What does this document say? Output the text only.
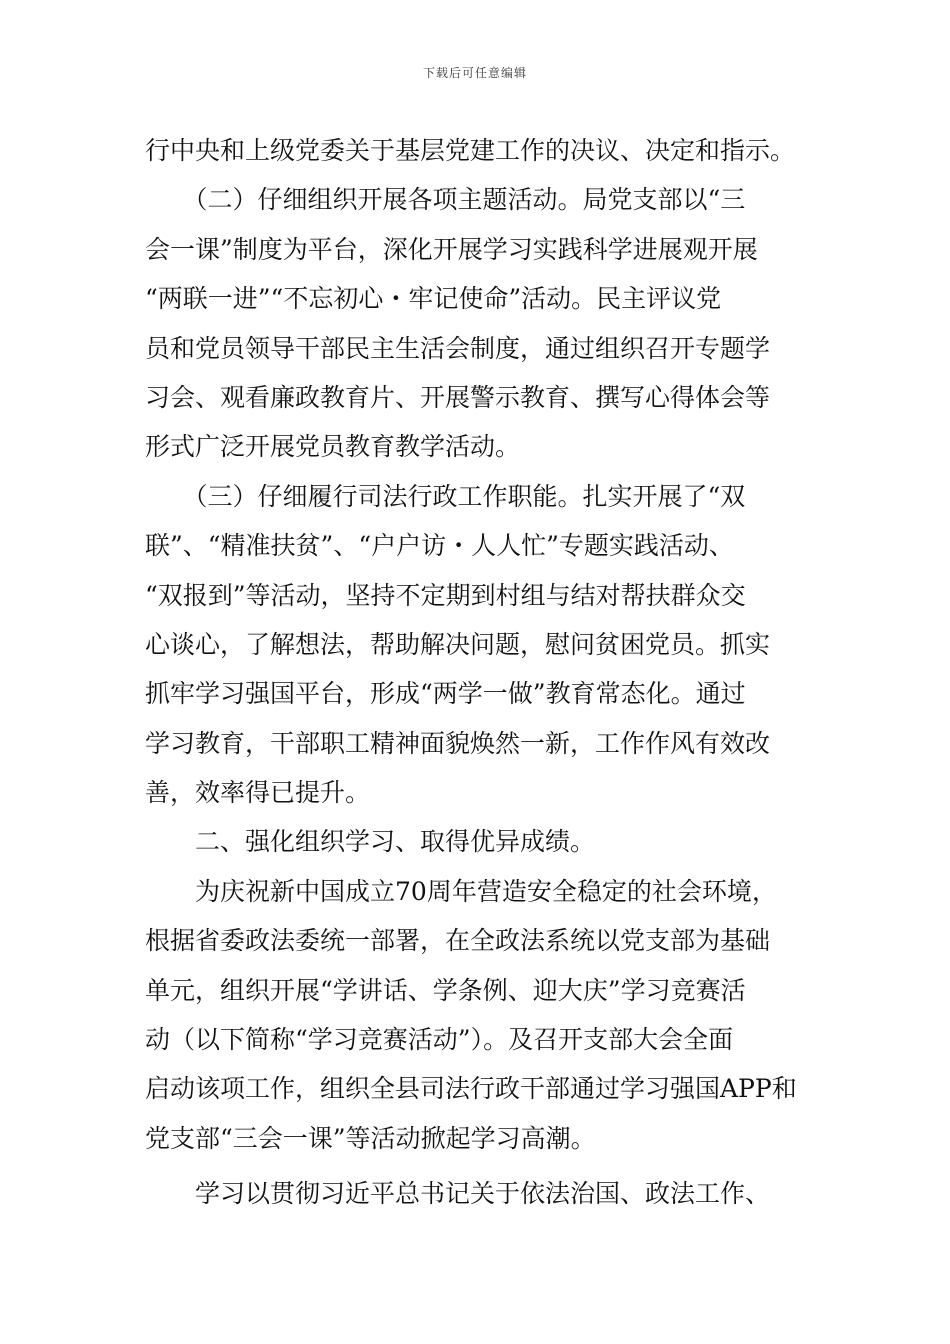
下载后可任意编辑
行中央和上级党委关于基层党建工作的决议、决定和指示。
　　（二）仔细组织开展各项主题活动。局党支部以“三
会一课”制度为平台，深化开展学习实践科学进展观开展
“两联一进”“不忘初心・牢记使命”活动。民主评议党
员和党员领导干部民主生活会制度，通过组织召开专题学
习会、观看廉政教育片、开展警示教育、撰写心得体会等
形式广泛开展党员教育教学活动。
　　（三）仔细履行司法行政工作职能。扎实开展了“双
联”、“精准扶贫”、“户户访・人人忙”专题实践活动、
“双报到”等活动，坚持不定期到村组与结对帮扶群众交
心谈心，了解想法，帮助解决问题，慰问贫困党员。抓实
抓牢学习强国平台，形成“两学一做”教育常态化。通过
学习教育，干部职工精神面貌焕然一新，工作作风有效改
善，效率得已提升。
　　二、强化组织学习、取得优异成绩。
　　为庆祝新中国成立70周年营造安全稳定的社会环境，
根据省委政法委统一部署，在全政法系统以党支部为基础
单元，组织开展“学讲话、学条例、迎大庆”学习竞赛活
动（以下简称“学习竞赛活动”）。及召开支部大会全面
启动该项工作，组织全县司法行政干部通过学习强国APP和
党支部“三会一课”等活动掀起学习高潮。
　　学习以贯彻习近平总书记关于依法治国、政法工作、
